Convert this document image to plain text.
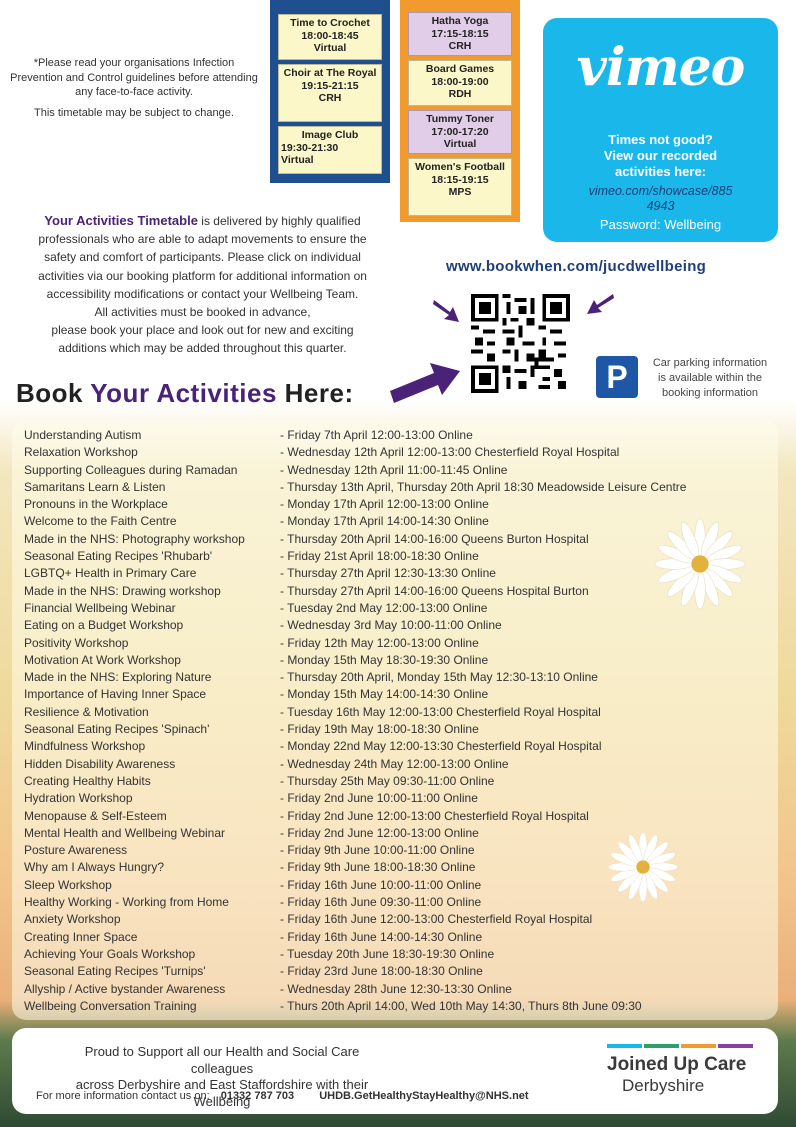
*Please read your organisations Infection Prevention and Control guidelines before attending any face-to-face activity.
This timetable may be subject to change.
Time to Crochet
18:00-18:45
Virtual
Choir at The Royal
19:15-21:15
CRH
Image Club
19:30-21:30
Virtual
Hatha Yoga
17:15-18:15
CRH
Board Games
18:00-19:00
RDH
Tummy Toner
17:00-17:20
Virtual
Women's Football
18:15-19:15
MPS
vimeo
Times not good?
View our recorded
activities here:
vimeo.com/showcase/885
4943
Password: Wellbeing
Your Activities Timetable is delivered by highly qualified
professionals who are able to adapt movements to ensure the
safety and comfort of participants. Please click on individual
activities via our booking platform for additional information on
accessibility modifications or contact your Wellbeing Team.
All activities must be booked in advance,
please book your place and look out for new and exciting
additions which may be added throughout this quarter.
www.bookwhen.com/jucdwellbeing
P	Car parking information
is available within the
booking information
Book Your Activities Here:
Understanding Autism	- Friday 7th April 12:00-13:00 Online
Relaxation Workshop	- Wednesday 12th April 12:00-13:00 Chesterfield Royal Hospital
Supporting Colleagues during Ramadan	- Wednesday 12th April 11:00-11:45 Online
Samaritans Learn & Listen	- Thursday 13th April, Thursday 20th April 18:30 Meadowside Leisure Centre
Pronouns in the Workplace	- Monday 17th April 12:00-13:00 Online
Welcome to the Faith Centre	- Monday 17th April 14:00-14:30 Online
Made in the NHS: Photography workshop	- Thursday 20th April 14:00-16:00 Queens Burton Hospital
Seasonal Eating Recipes 'Rhubarb'	- Friday 21st April 18:00-18:30 Online
LGBTQ+ Health in Primary Care	- Thursday 27th April 12:30-13:30 Online
Made in the NHS: Drawing workshop	- Thursday 27th April 14:00-16:00 Queens Hospital Burton
Financial Wellbeing Webinar	- Tuesday 2nd May 12:00-13:00 Online
Eating on a Budget Workshop	- Wednesday 3rd May 10:00-11:00 Online
Positivity Workshop	- Friday 12th May 12:00-13:00 Online
Motivation At Work Workshop	- Monday 15th May 18:30-19:30 Online
Made in the NHS: Exploring Nature	- Thursday 20th April, Monday 15th May 12:30-13:10 Online
Importance of Having Inner Space	- Monday 15th May 14:00-14:30 Online
Resilience & Motivation	- Tuesday 16th May 12:00-13:00 Chesterfield Royal Hospital
Seasonal Eating Recipes 'Spinach'	- Friday 19th May 18:00-18:30 Online
Mindfulness Workshop	- Monday 22nd May 12:00-13:30 Chesterfield Royal Hospital
Hidden Disability Awareness	- Wednesday 24th May 12:00-13:00 Online
Creating Healthy Habits	- Thursday 25th May 09:30-11:00 Online
Hydration Workshop	- Friday 2nd June 10:00-11:00 Online
Menopause & Self-Esteem	- Friday 2nd June 12:00-13:00 Chesterfield Royal Hospital
Mental Health and Wellbeing Webinar	- Friday 2nd June 12:00-13:00 Online
Posture Awareness	- Friday 9th June 10:00-11:00 Online
Why am I Always Hungry?	- Friday 9th June 18:00-18:30 Online
Sleep Workshop	- Friday 16th June 10:00-11:00 Online
Healthy Working - Working from Home	- Friday 16th June 09:30-11:00 Online
Anxiety Workshop	- Friday 16th June 12:00-13:00 Chesterfield Royal Hospital
Creating Inner Space	- Friday 16th June 14:00-14:30 Online
Achieving Your Goals Workshop	- Tuesday 20th June 18:30-19:30 Online
Seasonal Eating Recipes 'Turnips'	- Friday 23rd June 18:00-18:30 Online
Allyship / Active bystander Awareness	- Wednesday 28th June 12:30-13:30 Online
Wellbeing Conversation Training	- Thurs 20th April 14:00, Wed 10th May 14:30, Thurs 8th June 09:30
Proud to Support all our Health and Social Care colleagues
across Derbyshire and East Staffordshire with their Wellbeing
For more information contact us on: 01332 787 703 UHDB.GetHealthyStayHealthy@NHS.net
Joined Up Care
Derbyshire
